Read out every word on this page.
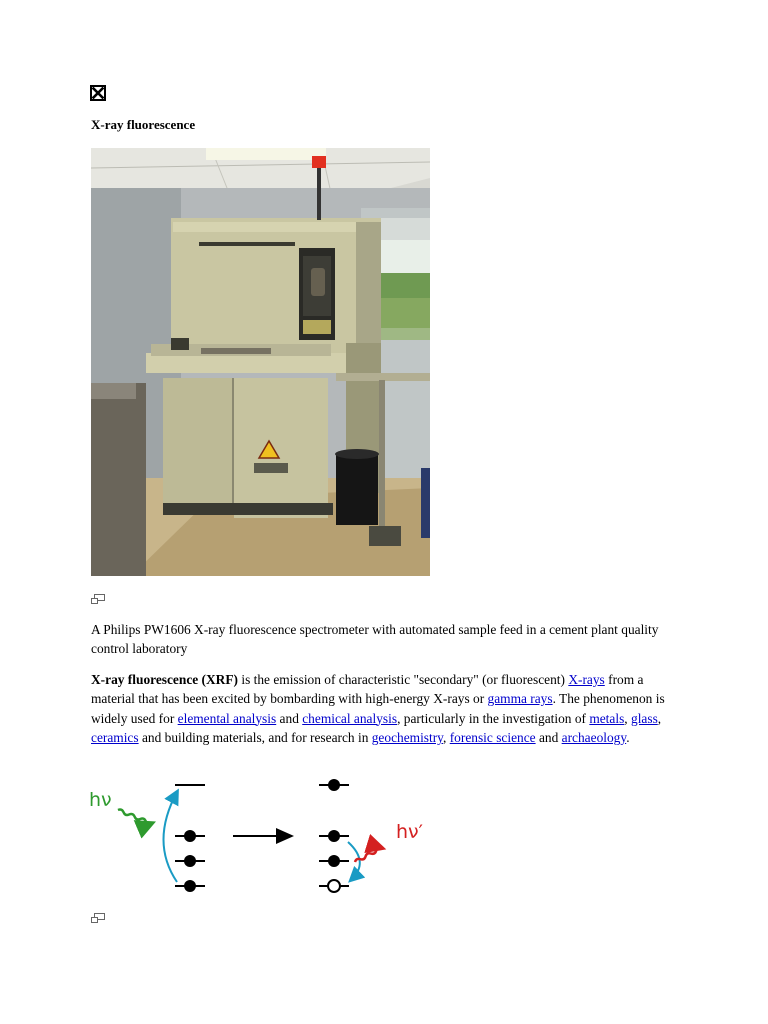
X-ray fluorescence
A Philips PW1606 X-ray fluorescence spectrometer with automated sample feed in a cement plant quality control laboratory
X-ray fluorescence (XRF) is the emission of characteristic "secondary" (or fluorescent) X-rays from a material that has been excited by bombarding with high-energy X-rays or gamma rays. The phenomenon is widely used for elemental analysis and chemical analysis, particularly in the investigation of metals, glass, ceramics and building materials, and for research in geochemistry, forensic science and archaeology.
hν
hν′
